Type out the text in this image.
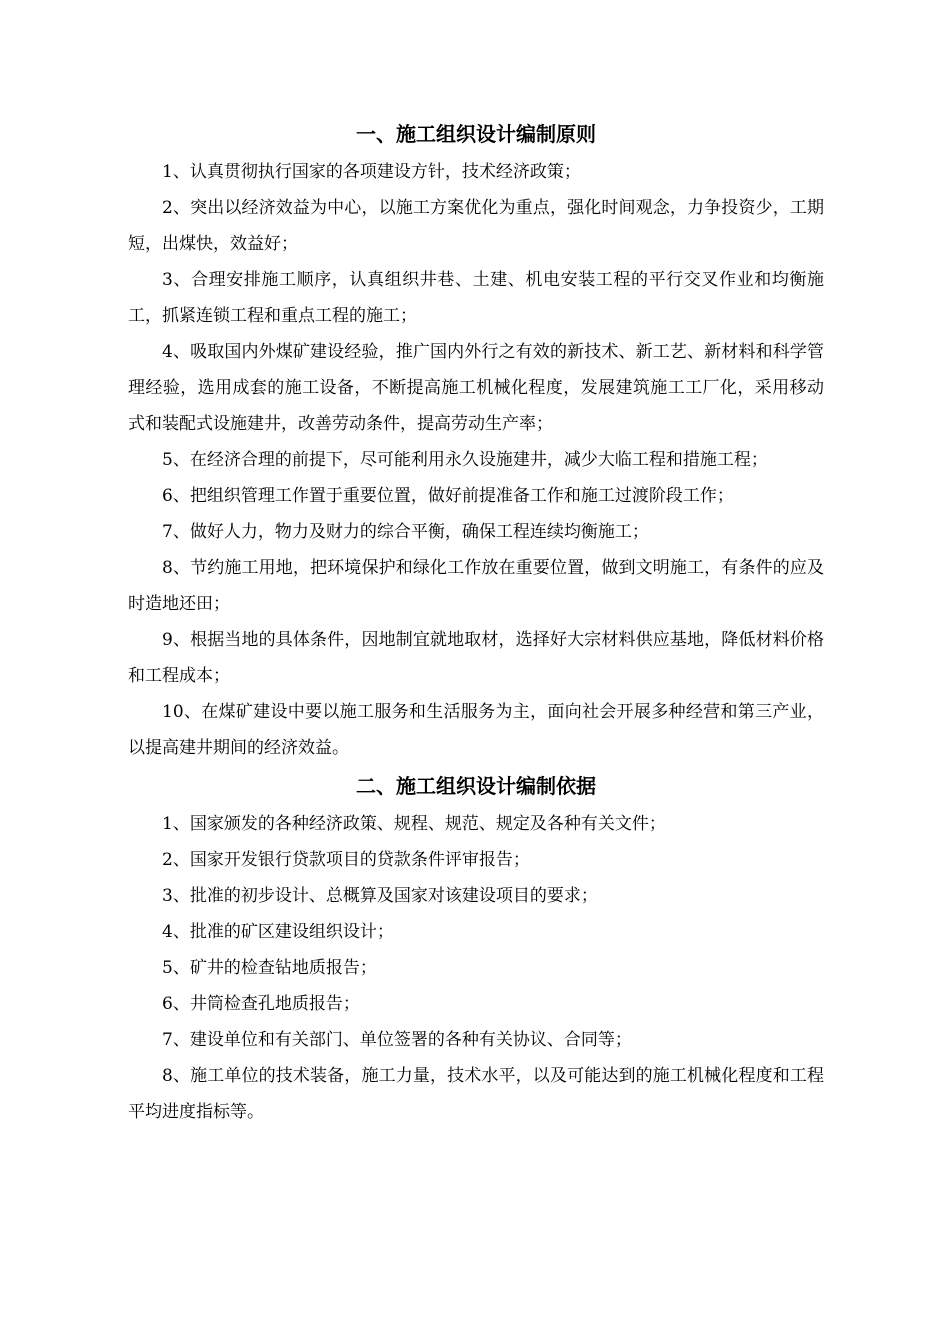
一、施工组织设计编制原则

1、认真贯彻执行国家的各项建设方针，技术经济政策；

2、突出以经济效益为中心，以施工方案优化为重点，强化时间观念，力争投资少，工期短，出煤快，效益好；

3、合理安排施工顺序，认真组织井巷、土建、机电安装工程的平行交叉作业和均衡施工，抓紧连锁工程和重点工程的施工；

4、吸取国内外煤矿建设经验，推广国内外行之有效的新技术、新工艺、新材料和科学管理经验，选用成套的施工设备，不断提高施工机械化程度，发展建筑施工工厂化，采用移动式和装配式设施建井，改善劳动条件，提高劳动生产率；

5、在经济合理的前提下，尽可能利用永久设施建井，减少大临工程和措施工程；

6、把组织管理工作置于重要位置，做好前提准备工作和施工过渡阶段工作；

7、做好人力，物力及财力的综合平衡，确保工程连续均衡施工；

8、节约施工用地，把环境保护和绿化工作放在重要位置，做到文明施工，有条件的应及时造地还田；

9、根据当地的具体条件，因地制宜就地取材，选择好大宗材料供应基地，降低材料价格和工程成本；

10、在煤矿建设中要以施工服务和生活服务为主，面向社会开展多种经营和第三产业，以提高建井期间的经济效益。

二、施工组织设计编制依据

1、国家颁发的各种经济政策、规程、规范、规定及各种有关文件；

2、国家开发银行贷款项目的贷款条件评审报告；

3、批准的初步设计、总概算及国家对该建设项目的要求；

4、批准的矿区建设组织设计；

5、矿井的检查钻地质报告；

6、井筒检查孔地质报告；

7、建设单位和有关部门、单位签署的各种有关协议、合同等；

8、施工单位的技术装备，施工力量，技术水平，以及可能达到的施工机械化程度和工程平均进度指标等。
